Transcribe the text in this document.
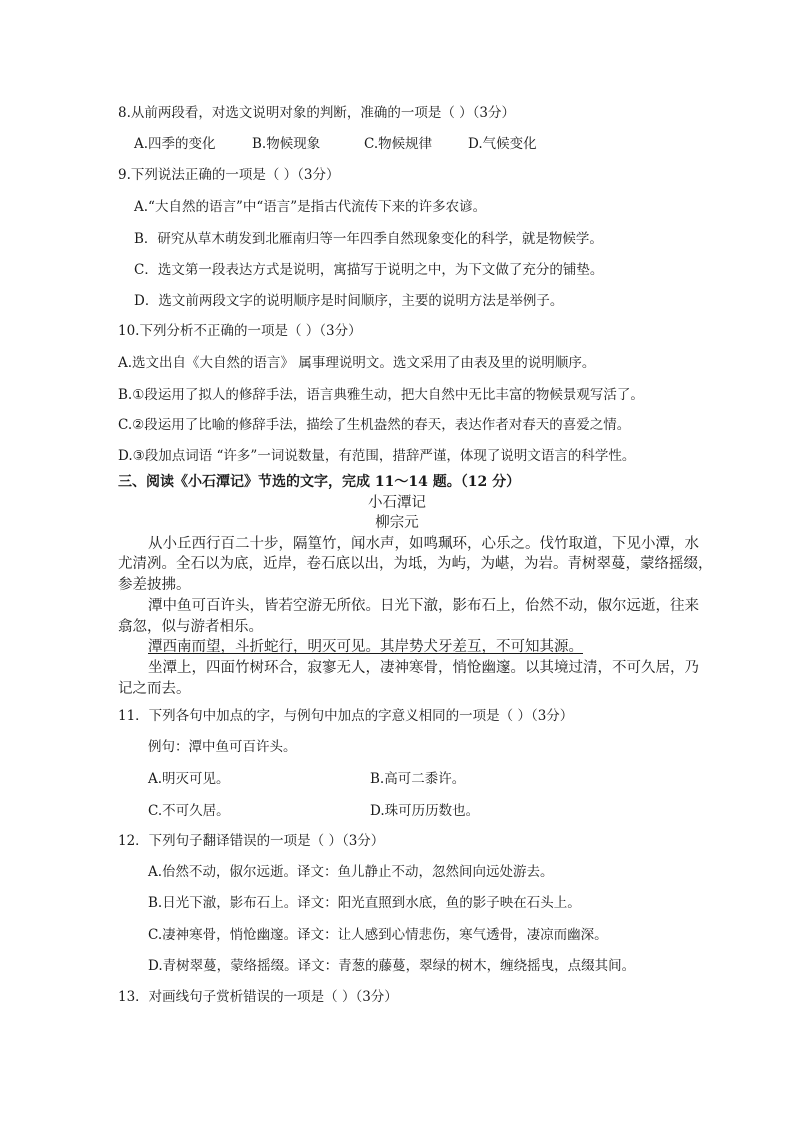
8.从前两段看，对选文说明对象的判断，准确的一项是（ ）（3分）
A.四季的变化	B.物候现象	C.物候规律	D.气候变化
9.下列说法正确的一项是（ ）（3分）
A.“大自然的语言”中“语言”是指古代流传下来的许多农谚。
B．研究从草木萌发到北雁南归等一年四季自然现象变化的科学，就是物候学。
C．选文第一段表达方式是说明，寓描写于说明之中，为下文做了充分的铺垫。
D．选文前两段文字的说明顺序是时间顺序，主要的说明方法是举例子。
10.下列分析不正确的一项是（ ）（3分）
A.选文出自《大自然的语言》 属事理说明文。选文采用了由表及里的说明顺序。
B.①段运用了拟人的修辞手法，语言典雅生动，把大自然中无比丰富的物候景观写活了。
C.②段运用了比喻的修辞手法，描绘了生机盎然的春天，表达作者对春天的喜爱之情。
D.③段加点词语 “许多”一词说数量，有范围，措辞严谨，体现了说明文语言的科学性。
三、阅读《小石潭记》节选的文字，完成 11～14 题。（12 分）
小石潭记
柳宗元
从小丘西行百二十步，隔篁竹，闻水声，如鸣珮环，心乐之。伐竹取道，下见小潭，水
尤清冽。全石以为底，近岸，卷石底以出，为坻，为屿，为嵁，为岩。青树翠蔓，蒙络摇缀，
参差披拂。
潭中鱼可百许头，皆若空游无所依。日光下澈，影布石上，佁然不动，俶尔远逝，往来
翕忽，似与游者相乐。
潭西南而望，斗折蛇行，明灭可见。其岸势犬牙差互，不可知其源。
坐潭上，四面竹树环合，寂寥无人，凄神寒骨，悄怆幽邃。以其境过清，不可久居，乃
记之而去。
11．下列各句中加点的字，与例句中加点的字意义相同的一项是（ ）（3分）
例句：潭中鱼可百许头。
A.明灭可见。	B.高可二黍许。
C.不可久居。	D.珠可历历数也。
12．下列句子翻译错误的一项是（ ）（3分）
A.佁然不动，俶尔远逝。译文：鱼儿静止不动，忽然间向远处游去。
B.日光下澈，影布石上。译文：阳光直照到水底，鱼的影子映在石头上。
C.凄神寒骨，悄怆幽邃。译文：让人感到心情悲伤，寒气透骨，凄凉而幽深。
D.青树翠蔓，蒙络摇缀。译文：青葱的藤蔓，翠绿的树木，缠绕摇曳，点缀其间。
13．对画线句子赏析错误的一项是（ ）（3分）
